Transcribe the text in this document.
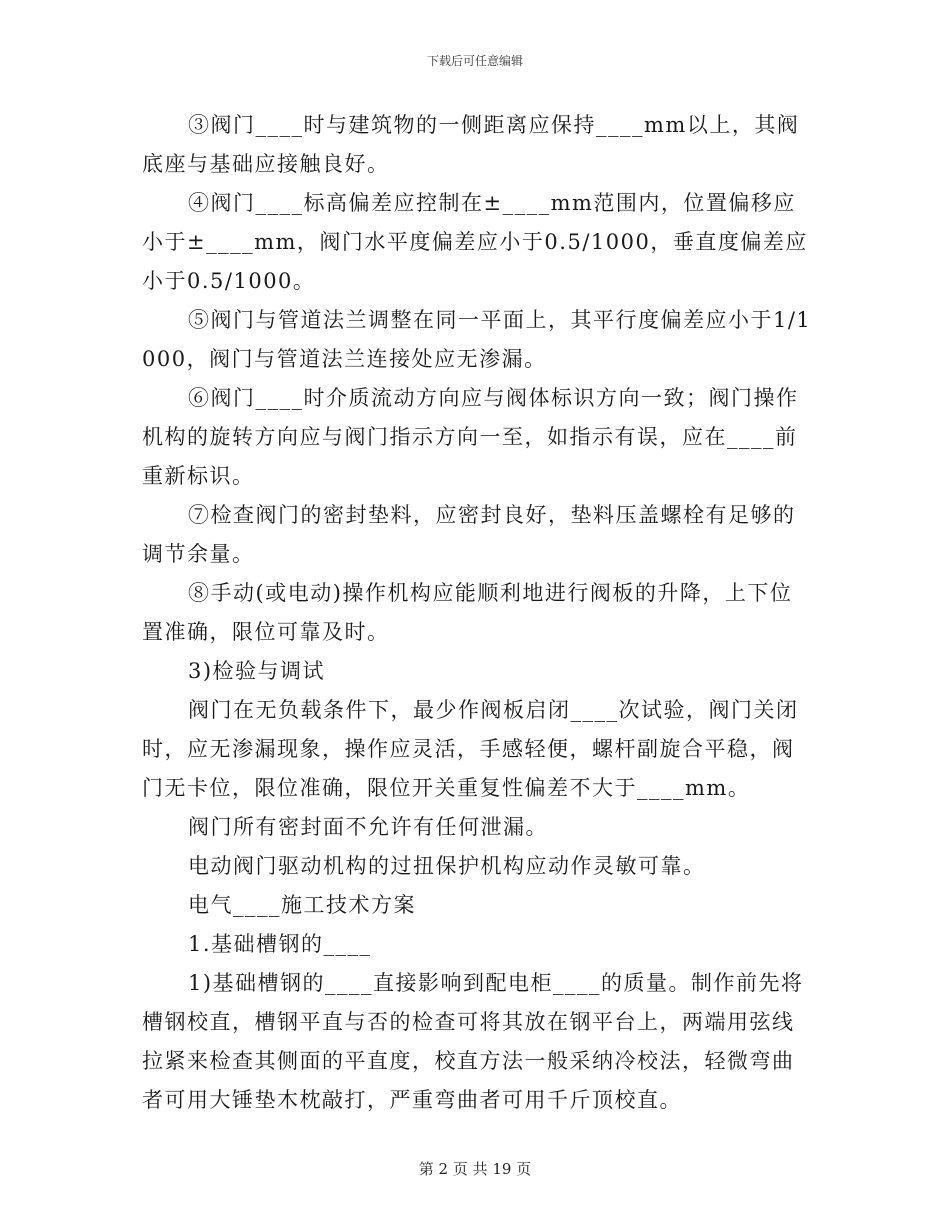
下载后可任意编辑

③阀门____时与建筑物的一侧距离应保持____mm以上，其阀底座与基础应接触良好。

④阀门____标高偏差应控制在±____mm范围内，位置偏移应小于±____mm，阀门水平度偏差应小于0.5/1000，垂直度偏差应小于0.5/1000。

⑤阀门与管道法兰调整在同一平面上，其平行度偏差应小于1/1000，阀门与管道法兰连接处应无渗漏。

⑥阀门____时介质流动方向应与阀体标识方向一致；阀门操作机构的旋转方向应与阀门指示方向一至，如指示有误，应在____前重新标识。

⑦检查阀门的密封垫料，应密封良好，垫料压盖螺栓有足够的调节余量。

⑧手动(或电动)操作机构应能顺利地进行阀板的升降，上下位置准确，限位可靠及时。

3)检验与调试

阀门在无负载条件下，最少作阀板启闭____次试验，阀门关闭时，应无渗漏现象，操作应灵活，手感轻便，螺杆副旋合平稳，阀门无卡位，限位准确，限位开关重复性偏差不大于____mm。

阀门所有密封面不允许有任何泄漏。

电动阀门驱动机构的过扭保护机构应动作灵敏可靠。

电气____施工技术方案

1.基础槽钢的____

1)基础槽钢的____直接影响到配电柜____的质量。制作前先将槽钢校直，槽钢平直与否的检查可将其放在钢平台上，两端用弦线拉紧来检查其侧面的平直度，校直方法一般采纳冷校法，轻微弯曲者可用大锤垫木枕敲打，严重弯曲者可用千斤顶校直。

第 2 页 共 19 页
